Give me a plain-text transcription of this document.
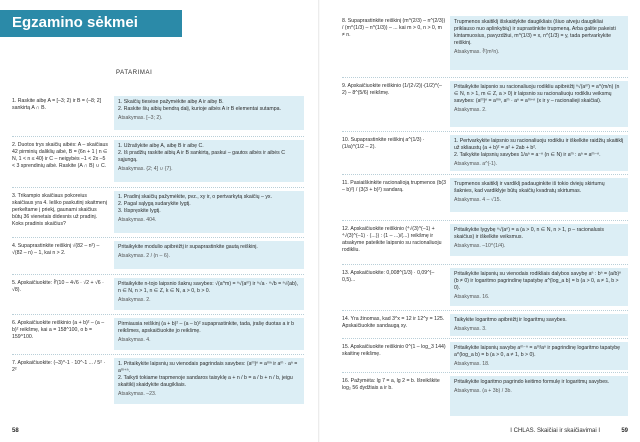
Egzamino sėkmei
PATARIMAI
1. Raskite aibę A = [–3; 2) ir B = (–8; 2] sankirtą A ∩ B.
1. Skaičių tiesėse pažymėkite aibę A ir aibę B.
2. Raskite šių aibių bendrą dalį, kurioje aibės A ir B elementai sutampa.
Atsakymas. [–3; 2).
2. Duotos trys skaičių aibės: A – skaičiaus 42 pirminių daliklių aibė, B = {6n + 1 | n ∈ N, 1 < n ≤ 40} ir C – neigybės –1 < 2x –5 < 3 sprendinių aibė. Raskite (A ∩ B) ∪ C.
1. Užrašykite aibę A, aibę B ir aibę C.
2. Iš pradžių raskite aibių A ir B sankirtą, paskui – gautos aibės ir aibės C sąjungą.
Atsakymas. {2; 4] ∪ {7}.
3. Trikampio skaičiaus pokoreius skaičiaus yra 4. Ieško paskutinį skaitmenį perkeltame į priekį, gaunami skaičius būtų 36 vienetais didesnis už pradinį. Koks pradinis skaičius?
1. Pradinį skaičių pažymėkite, pvz., xy ir, o pertvarkytą skaičių – yx.
2. Pagal sąlygą sudarykite lygtį.
3. Išspręskite lygtį.
Atsakymas. 404.
4. Supaprastinkite reiškinį √(82 – n²) – √(82 – n) – 1, kai n > 2.
Pritaikykite modulio apibrėžtį ir supaprastinkite gautą reiškinį.
Atsakymas. 2 / (n – 6).
5. Apskaičiuokite: ∛(10 – 4√6 · √2 + √6 · √8).
Pritaikykite n-tojo laipsnio šaknų savybes: √(a^m) = ⁿ√(aᵐ) ir ⁿ√a · ⁿ√b = ⁿ√(ab), n ∈ N, n > 1, n ∈ Z, k ∈ N, a > 0, b > 0.
Atsakymas. 2.
6. Apskaičiuokite reiškinio (a + b)² – (a – b)² reikšmę, kai a = 158^100, o b = 159^100.
Pirmiausia reiškinį (a + b)² – (a – b)² supaprastinkite, tada, įrašę duotas a ir b reikšmes, apskaičiuokite jo reikšmę.
Atsakymas. 4.
7. Apskaičiuokite: (–3)^-1 · 10^-1 ... / 5² · 2²
1. Pritaikykite laipsnių su vienodais pagrindais savybes: (aᵐ)ⁿ = aᵐⁿ ir aᵐ · aⁿ = aᵐ⁺ⁿ.
2. Taikyti tokiame trapmenoje sandaros taisyklę a + n / b = a / b + n / b, jeigu skaitiklį skaidykite daugikliais.
Atsakymas. –23.
58
8. Supaprastinkite reiškinį (m^(2/3) – n^(2/3)) / (m^(1/3) – n^(1/3)) – ... kai m > 0, n > 0, m ≠ n.
Trupmenos skaitiklį išskaidykite daugikliais (šiuo atveju daugikliai priklauso nuo aplinkybių) ir suprastinkite trupmeną. Arba galite pakeisti kintamuosius, pavyzdžiui, m^(1/3) = x, n^(1/3) = y, tada pertvarkykite reiškinį.
Atsakymas. ∛(m²n).
9. Apskaičiuokite reiškinio (1/(2√2))·(1/2)^(–2) – 8^(5/6) reikšmę.
Pritaikykite laipsnio su racionaliuoju rodikliu apibrėžtį ⁿ√(aᵐ) = a^(m/n) (n ∈ N, n > 1, m ∈ Z, a > 0) ir laipsnio su racionaliuoju rodikliu veiksmų savybes: (aᵐ)ⁿ = aᵐⁿ, aᵐ · aⁿ = aᵐ⁺ⁿ (x ir y – racionalieji skaičiai).
Atsakymas. 2.
10. Supaprastinkite reiškinį a^(1/3) · (1/a)^(1/2 – 2).
1. Pertvarkykite laipsnio su racionaliuoju rodikliu ir iškelkite raidžių skaitiklį už skliaustų (a + b)² = a² + 2ab + b².
2. Taikykite laipsnių savybes 1/aⁿ = a⁻ⁿ (n ∈ N) ir aᵐ : aⁿ = aᵐ⁻ⁿ.
Atsakymas. a^(-1).
11. Pasiaiškinkite racionalioją trupmenos (b(3 – b)²) / (3(3 + b)²) sandarą.
Trupmenos skaitiklį ir vardiklį padauginkite iš tokio dviejų skirtumų šaknies, kad vardiklyje būtų skaičių kvadratų skirtumas.
Atsakymas. 4 – √15.
12. Apskaičiuokite reiškinio (⁴√(3)^(–1) + ⁴√(3)^(–1) · (...)) : (1 – ...)/(...) reikšmę ir atsakyme pateikite laipsnio su racionaliuoju rodikliu.
Pritaikykite lygybę ⁿ√(aⁿ) = a (a > 0, n ∈ N, n > 1, p – racionalusis skaičius) ir iškelkite veiksmus.
Atsakymas. –10^(1/4).
13. Apskaičiuokite: 0,008^(1/3) · 0,09^(–0,5)...
Pritaikykite laipsnių su vienodais rodikliais dalybos savybę aⁿ : bⁿ = (a/b)ⁿ (b ≠ 0) ir logaritmo pagrindinę tapatybę a^(log_a b) = b (a > 0, a ≠ 1, b > 0).
Atsakymas. 16.
14. Yra žinomas, kad 3^x = 12 ir 12^y = 125. Apskaičiuokite sandaugą xy.
Taikykite logaritmo apibrėžtį ir logaritmų savybes.
Atsakymas. 3.
15. Apskaičiuokite reiškinio 0^(1 – log_3 144) skaitinę reikšmę.
Pritaikykite laipsnių savybę aᵐ⁻ⁿ = aᵐ/aⁿ ir pagrindinę logaritmo tapatybę a^(log_a b) = b (a > 0, a ≠ 1, b > 0).
Atsakymas. 18.
16. Pažymėta: lg 7 = a, lg 2 = b. Išreikškite log₂ 56 dydžiais a ir b.
Pritaikykite logaritmo pagrindo keitimo formulę ir logaritmų savybes.
Atsakymas. (a + 3b) / 3b.
I CHLAS. Skaičiai ir skaičiavimai I	59
